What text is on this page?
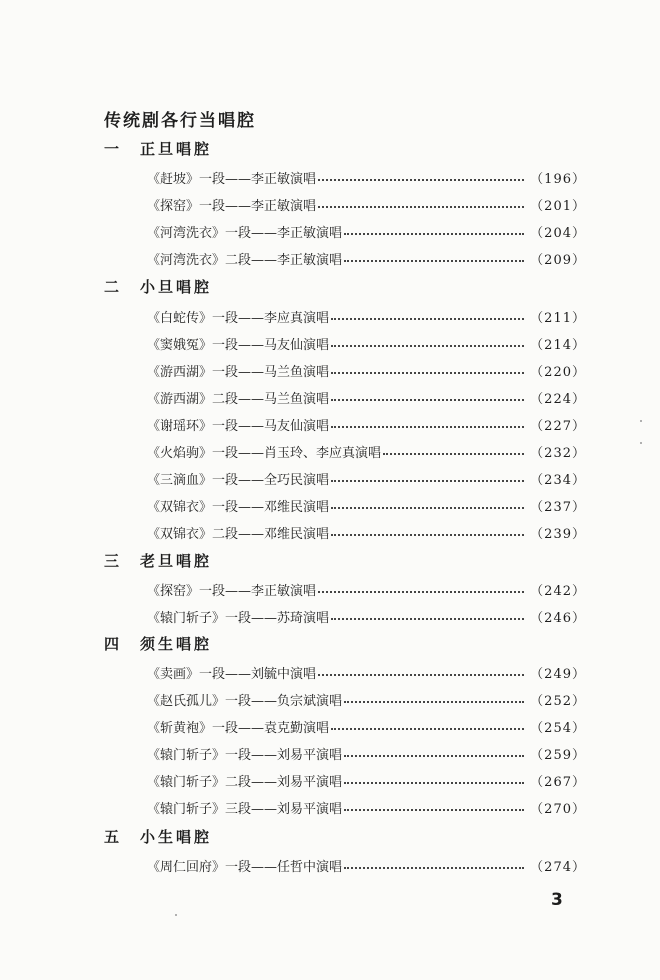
传统剧各行当唱腔
一	正旦唱腔
《赶坡》一段——李正敏演唱	（196）
《探窑》一段——李正敏演唱	（201）
《河湾洗衣》一段——李正敏演唱	（204）
《河湾洗衣》二段——李正敏演唱	（209）
二	小旦唱腔
《白蛇传》一段——李应真演唱	（211）
《窦娥冤》一段——马友仙演唱	（214）
《游西湖》一段——马兰鱼演唱	（220）
《游西湖》二段——马兰鱼演唱	（224）
《谢瑶环》一段——马友仙演唱	（227）
《火焰驹》一段——肖玉玲、李应真演唱	（232）
《三滴血》一段——全巧民演唱	（234）
《双锦衣》一段——邓维民演唱	（237）
《双锦衣》二段——邓维民演唱	（239）
三	老旦唱腔
《探窑》一段——李正敏演唱	（242）
《辕门斩子》一段——苏琦演唱	（246）
四	须生唱腔
《卖画》一段——刘毓中演唱	（249）
《赵氏孤儿》一段——负宗斌演唱	（252）
《斩黄袍》一段——袁克勤演唱	（254）
《辕门斩子》一段——刘易平演唱	（259）
《辕门斩子》二段——刘易平演唱	（267）
《辕门斩子》三段——刘易平演唱	（270）
五	小生唱腔
《周仁回府》一段——任哲中演唱	（274）
3
